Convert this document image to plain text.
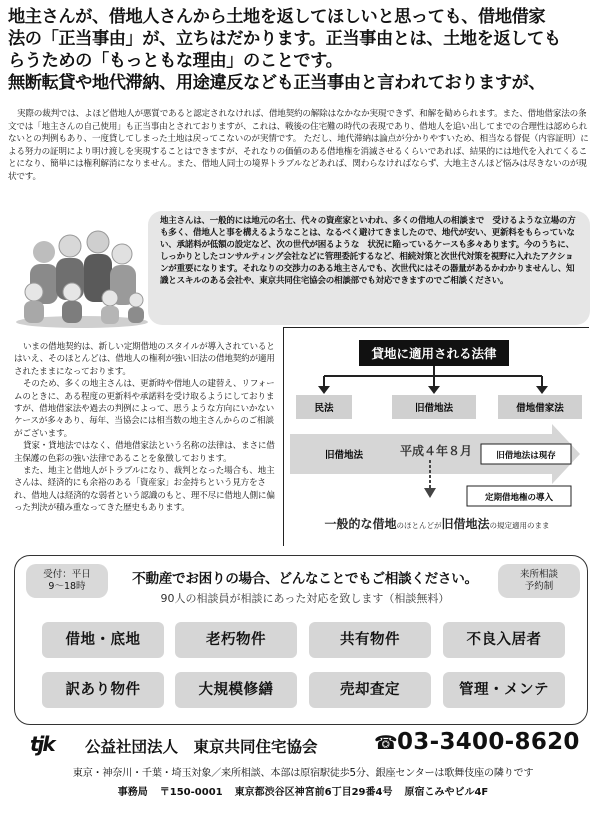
地主さんが、借地人さんから土地を返してほしいと思っても、借地借家
法の「正当事由」が、立ちはだかります。正当事由とは、土地を返しても
らうための「もっともな理由」のことです。
無断転貸や地代滞納、用途違反なども正当事由と言われておりますが、

実際の裁判では、よほど借地人が悪質であると認定されなければ、借地契約の解除はなかなか実現できず、和解を勧められます。また、借地借家法の条文では「地主さんの自己使用」も正当事由とされておりますが、これは、戦後の住宅難の時代の表現であり、借地人を追い出してまでの合理性は認められないとの判例もあり、一度貸してしまった土地は戻ってこないのが実情です。 ただし、地代滞納は論点が分かりやすいため、相当なる督促（内容証明）による努力の証明により明け渡しを実現することはできますが、それなりの価値のある借地権を消滅させるくらいであれば、結果的には地代を入れてくることになり、簡単には権利解消になりません。また、借地人同士の境界トラブルなどあれば、関わらなければならず、大地主さんほど悩みは尽きないのが現状です。

地主さんは、一般的には地元の名士、代々の資産家といわれ、多くの借地人の相談まで　受けるような立場の方も多く、借地人と事を構えるようなことは、なるべく避けてきましたので、地代が安い、更新料をもらっていない、承諾料が低額の設定など、次の世代が困るような　状況に陥っているケースも多々あります。今のうちに、しっかりとしたコンサルティング会社などに管理委託するなど、相続対策と次世代対策を視野に入れたアクションが重要になります。それなりの交渉力のある地主さんでも、次世代にはその器量があるかわかりませんし、知識とスキルのある会社や、東京共同住宅協会の相談部でも対応できますのでご相談ください。

いまの借地契約は、新しい定期借地のスタイルが導入されているとはいえ、そのほとんどは、借地人の権利が強い旧法の借地契約が適用されたままになっております。

そのため、多くの地主さんは、更新時や借地人の建替え、リフォームのときに、ある程度の更新料や承諾料を受け取るようにしておりますが、借地借家法や過去の判例によって、思うような方向にいかないケースが多々あり、毎年、当協会には相当数の地主さんからのご相談がございます。

貸家・貸地法ではなく、借地借家法という名称の法律は、まさに借主保護の色彩の強い法律であることを象徴しております。

また、地主と借地人がトラブルになり、裁判となった場合も、地主さんは、経済的にも余裕のある「資産家」お金持ちという見方をされ、借地人は経済的な弱者という認識のもと、理不尽に借地人側に偏った判決が積み重なってきた歴史もあります。

貸地に適用される法律
民法	旧借地法	借地借家法
旧借地法	平成４年８月	旧借地法は現存
定期借地権の導入
一般的な借地のほとんどが旧借地法の規定適用のまま
受付：平日
9〜18時
来所相談
予約制
不動産でお困りの場合、どんなことでもご相談ください。
90人の相談員が相談にあった対応を致します（相談無料）
借地・底地	老朽物件	共有物件	不良入居者
訳あり物件	大規模修繕	売却査定	管理・メンテ
tjk 公益社団法人　東京共同住宅協会	☎ 03-3400-8620
東京・神奈川・千葉・埼玉対象／来所相談、本部は原宿駅徒歩5分、銀座センターは歌舞伎座の隣りです
事務局 〒150-0001 東京都渋谷区神宮前6丁目29番4号 原宿こみやビル4F
